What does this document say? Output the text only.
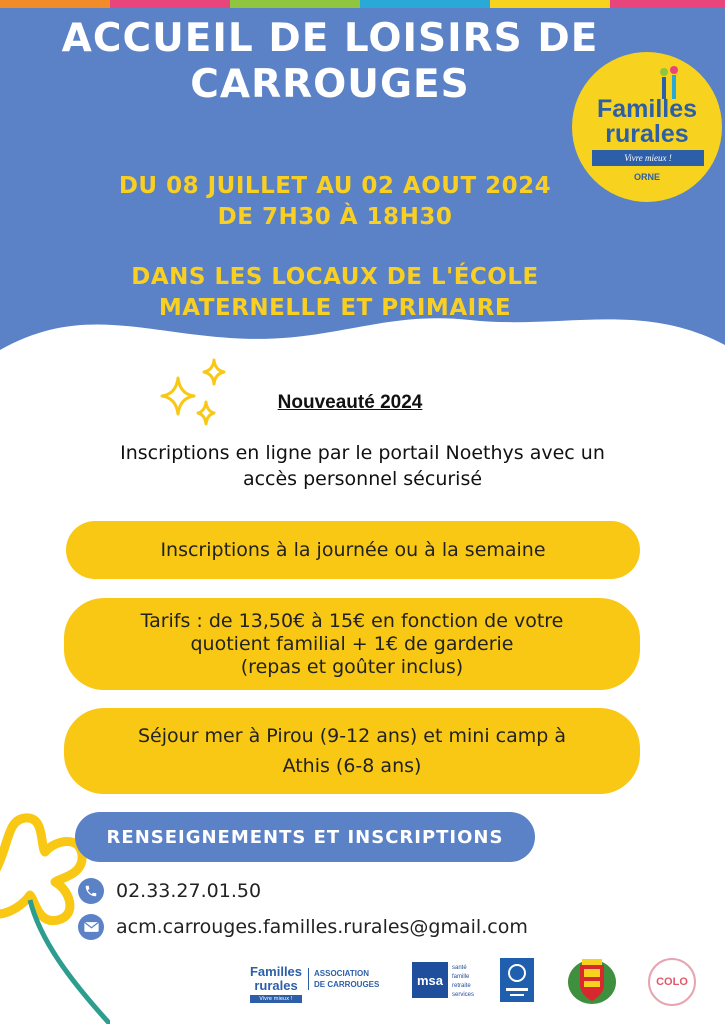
ACCUEIL DE LOISIRS DE
CARROUGES
DU 08 JUILLET AU 02 AOUT 2024
DE 7H30 À 18H30
DANS LES LOCAUX DE L'ÉCOLE
MATERNELLE ET PRIMAIRE
Familles
rurales
Vivre mieux !
ORNE
Nouveauté 2024
Inscriptions en ligne par le portail Noethys avec un
accès personnel sécurisé
Inscriptions à la journée ou à la semaine
Tarifs : de 13,50€ à 15€ en fonction de votre
quotient familial + 1€ de garderie
(repas et goûter inclus)
Séjour mer à Pirou (9-12 ans) et mini camp à
Athis (6-8 ans)
RENSEIGNEMENTS ET INSCRIPTIONS
02.33.27.01.50
acm.carrouges.familles.rurales@gmail.com
Familles
rurales
Vivre mieux !
ASSOCIATION
DE CARROUGES	msa
santé
famille
retraite
services
COLO
